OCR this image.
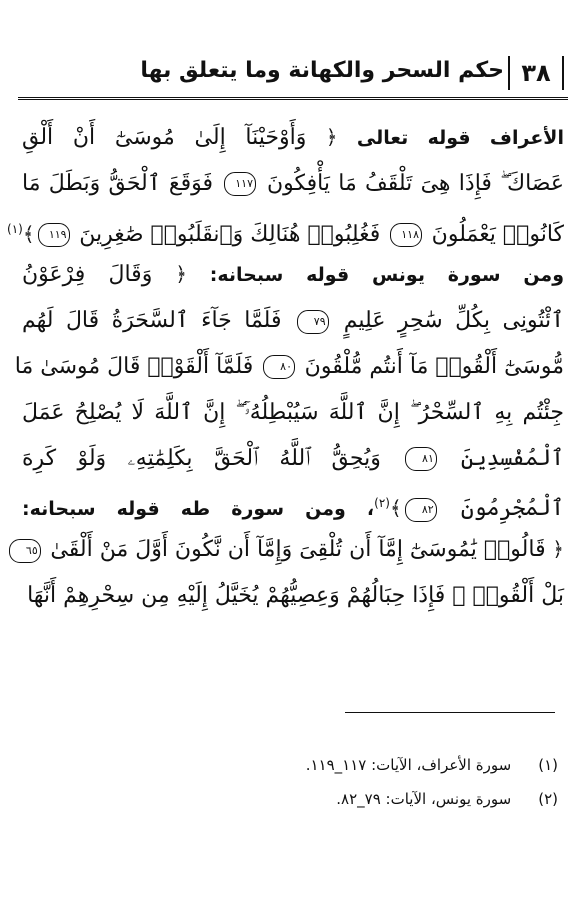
حكم السحر والكهانة وما يتعلق بها ٣٨
الأعراف قوله تعالى ﴿ وَأَوْحَيْنَآ إِلَىٰ مُوسَىٰٓ أَنْ أَلْقِ
عَصَاكَ ۖ فَإِذَا هِىَ تَلْقَفُ مَا يَأْفِكُونَ ١١٧ فَوَقَعَ ٱلْحَقُّ وَبَطَلَ مَا
كَانُوا۟ يَعْمَلُونَ ١١٨ فَغُلِبُوا۟ هُنَالِكَ وَٱنقَلَبُوا۟ صَٰغِرِينَ ١١٩﴾$^{(١)}$
ومن سورة يونس قوله سبحانه: ﴿ وَقَالَ فِرْعَوْنُ
ٱئْتُونِى بِكُلِّ سَٰحِرٍ عَلِيمٍ ٧٩ فَلَمَّا جَآءَ ٱلسَّحَرَةُ قَالَ لَهُم
مُّوسَىٰٓ أَلْقُوا۟ مَآ أَنتُم مُّلْقُونَ ٨٠ فَلَمَّآ أَلْقَوْا۟ قَالَ مُوسَىٰ مَا
جِئْتُم بِهِ ٱلسِّحْرُ ۖ إِنَّ ٱللَّهَ سَيُبْطِلُهُۥٓ ۖ إِنَّ ٱللَّهَ لَا يُصْلِحُ عَمَلَ
ٱلْمُفْسِدِينَ ٨١ وَيُحِقُّ ٱللَّهُ ٱلْحَقَّ بِكَلِمَٰتِهِۦ وَلَوْ كَرِهَ
ٱلْمُجْرِمُونَ ٨٢﴾$^{(٢)}$، ومن سورة طه قوله سبحانه:
﴿ قَالُوا۟ يَٰمُوسَىٰٓ إِمَّآ أَن تُلْقِىَ وَإِمَّآ أَن نَّكُونَ أَوَّلَ مَنْ أَلْقَىٰ ٦٥
بَلْ أَلْقُوا۟ ۖ فَإِذَا حِبَالُهُمْ وَعِصِيُّهُمْ يُخَيَّلُ إِلَيْهِ مِن سِحْرِهِمْ أَنَّهَا
(١) سورة الأعراف، الآيات: ١١٧_١١٩.
(٢) سورة يونس، الآيات: ٧٩_٨٢.
